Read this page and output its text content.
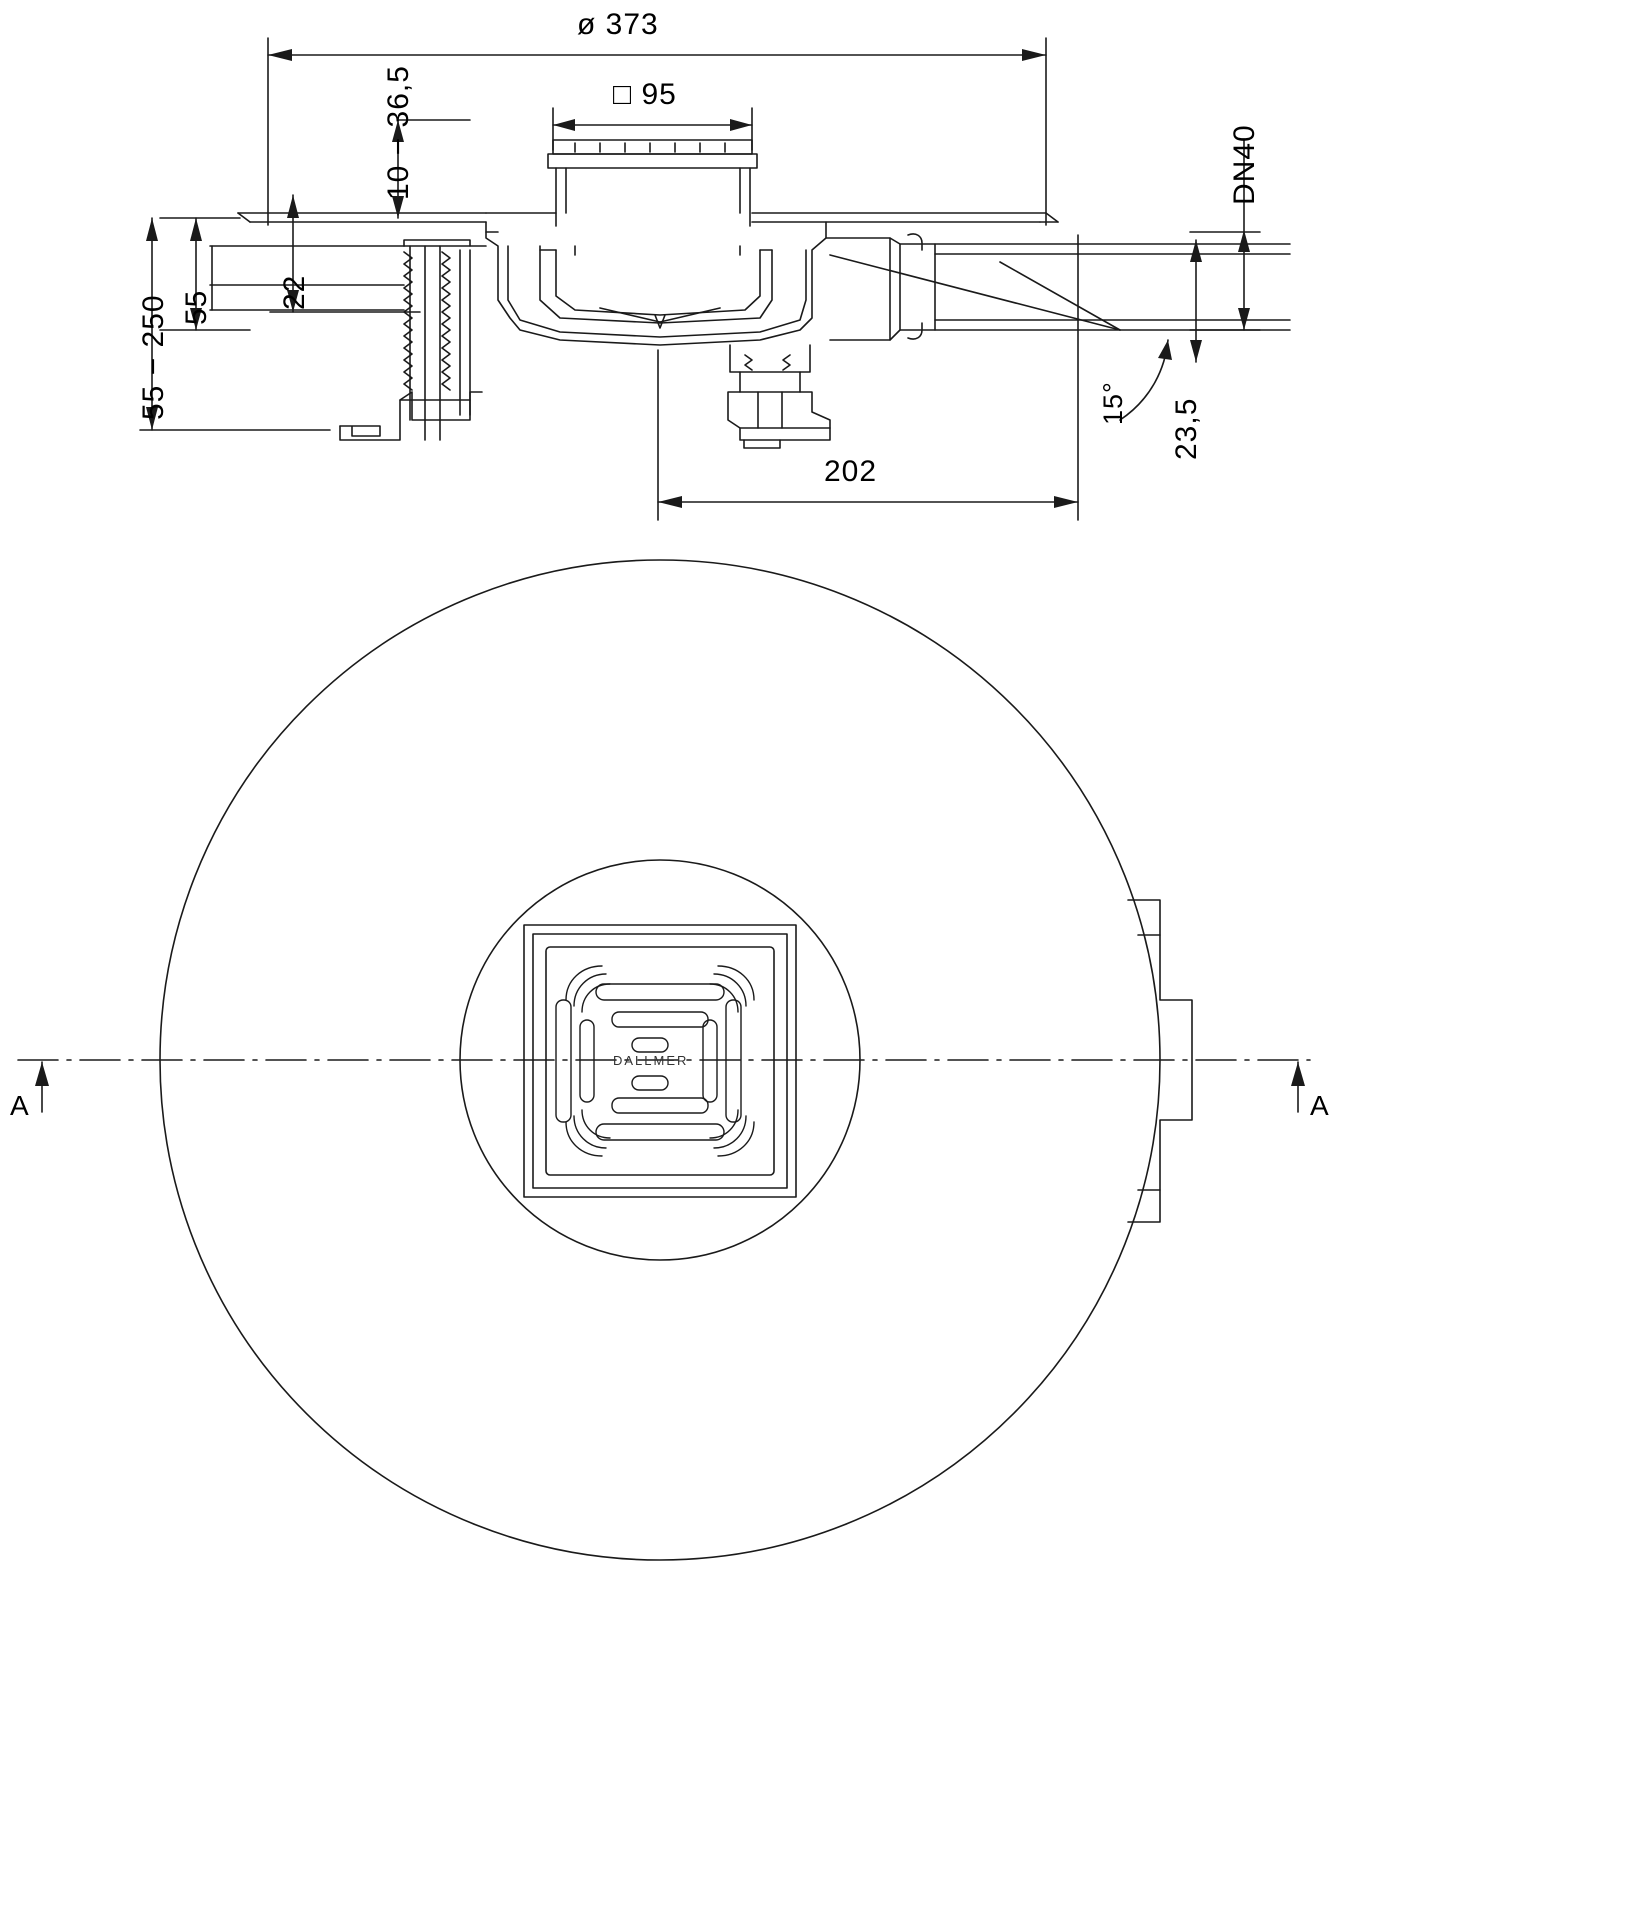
ø 373
□ 95
10 − 36,5
22
55
55 − 250
202
DN40
23,5
15°
A	A
DALLMER
